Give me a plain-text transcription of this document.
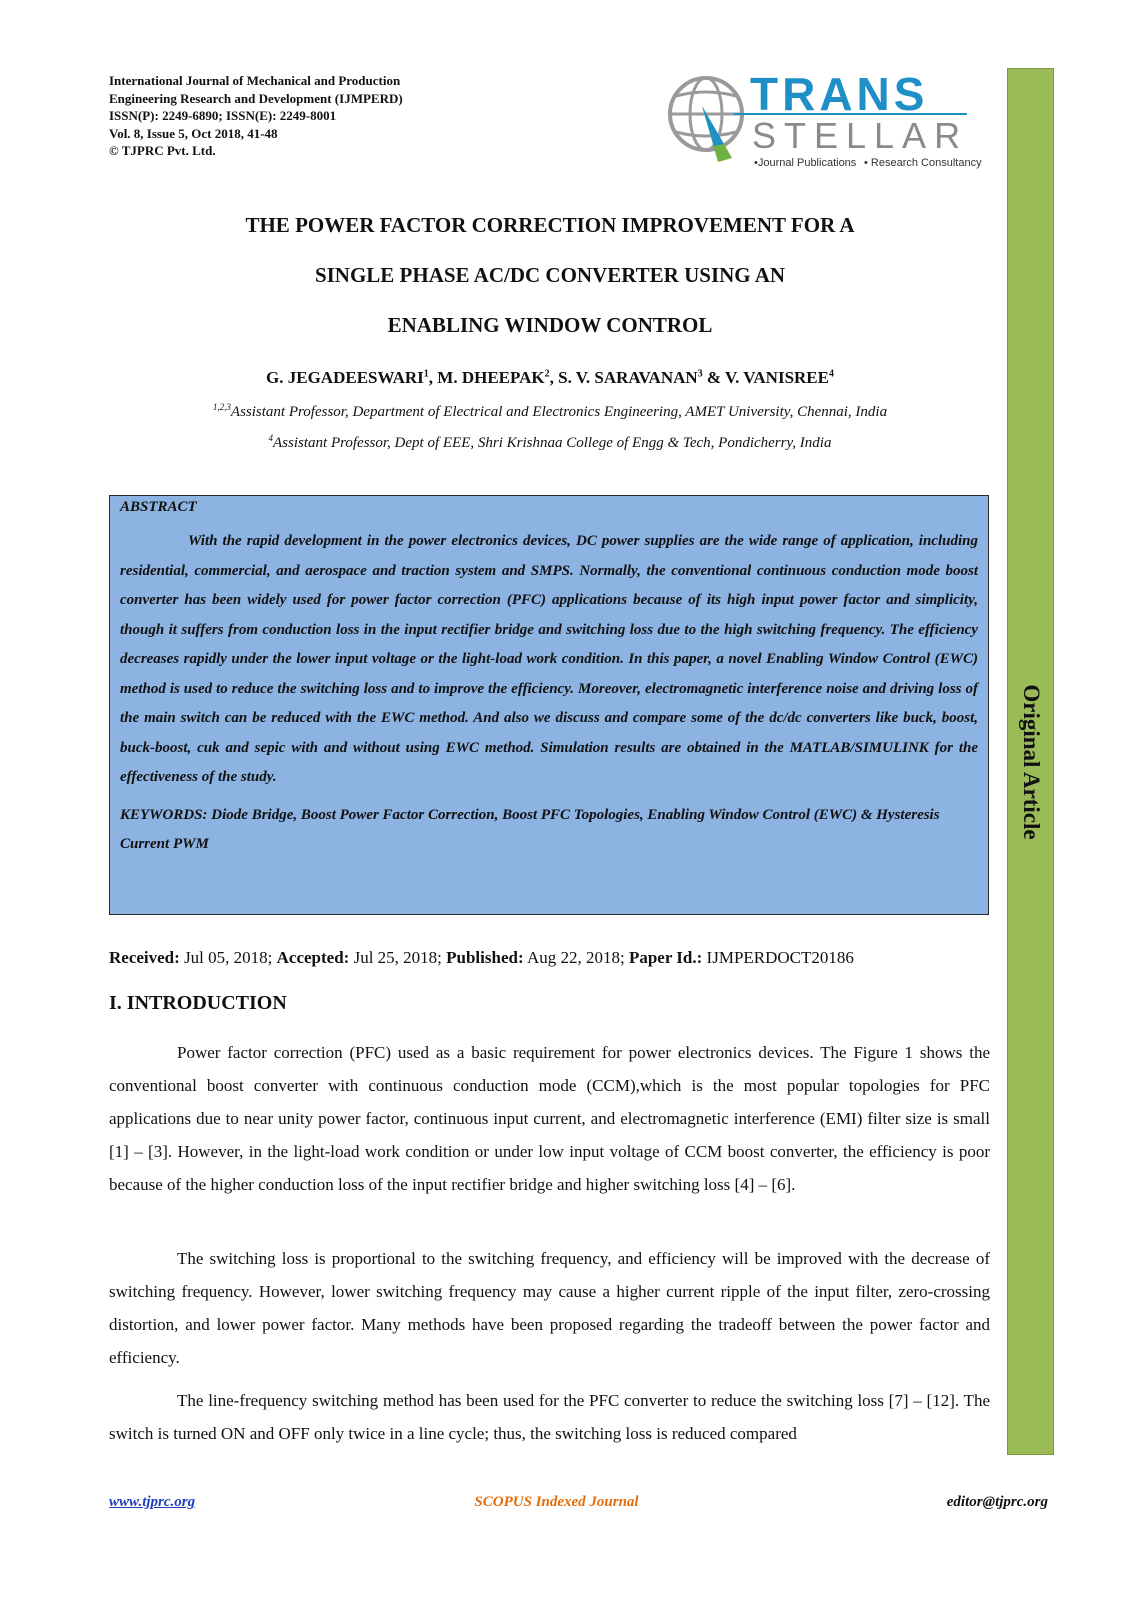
International Journal of Mechanical and Production
Engineering Research and Development (IJMPERD)
ISSN(P): 2249-6890; ISSN(E): 2249-8001
Vol. 8, Issue 5, Oct 2018, 41-48
© TJPRC Pvt. Ltd.
TRANS
STELLAR
•Journal Publications • Research Consultancy
Original Article
THE POWER FACTOR CORRECTION IMPROVEMENT FOR A
SINGLE PHASE AC/DC CONVERTER USING AN
ENABLING WINDOW CONTROL
G. JEGADEESWARI$^1$, M. DHEEPAK$^2$, S. V. SARAVANAN$^3$ & V. VANISREE$^4$
$^{1,2,3}$Assistant Professor, Department of Electrical and Electronics Engineering, AMET University, Chennai, India
$^4$Assistant Professor, Dept of EEE, Shri Krishnaa College of Engg & Tech, Pondicherry, India
ABSTRACT
With the rapid development in the power electronics devices, DC power supplies are the wide range of application, including residential, commercial, and aerospace and traction system and SMPS. Normally, the conventional continuous conduction mode boost converter has been widely used for power factor correction (PFC) applications because of its high input power factor and simplicity, though it suffers from conduction loss in the input rectifier bridge and switching loss due to the high switching frequency. The efficiency decreases rapidly under the lower input voltage or the light-load work condition. In this paper, a novel Enabling Window Control (EWC) method is used to reduce the switching loss and to improve the efficiency. Moreover, electromagnetic interference noise and driving loss of the main switch can be reduced with the EWC method. And also we discuss and compare some of the dc/dc converters like buck, boost, buck-boost, cuk and sepic with and without using EWC method. Simulation results are obtained in the MATLAB/SIMULINK for the effectiveness of the study.
KEYWORDS: Diode Bridge, Boost Power Factor Correction, Boost PFC Topologies, Enabling Window Control (EWC) & Hysteresis Current PWM
Received: Jul 05, 2018; Accepted: Jul 25, 2018; Published: Aug 22, 2018; Paper Id.: IJMPERDOCT20186
I. INTRODUCTION
Power factor correction (PFC) used as a basic requirement for power electronics devices. The Figure 1 shows the conventional boost converter with continuous conduction mode (CCM),which is the most popular topologies for PFC applications due to near unity power factor, continuous input current, and electromagnetic interference (EMI) filter size is small [1] – [3]. However, in the light-load work condition or under low input voltage of CCM boost converter, the efficiency is poor because of the higher conduction loss of the input rectifier bridge and higher switching loss [4] – [6].
The switching loss is proportional to the switching frequency, and efficiency will be improved with the decrease of switching frequency. However, lower switching frequency may cause a higher current ripple of the input filter, zero-crossing distortion, and lower power factor. Many methods have been proposed regarding the tradeoff between the power factor and efficiency.
The line-frequency switching method has been used for the PFC converter to reduce the switching loss [7] – [12]. The switch is turned ON and OFF only twice in a line cycle; thus, the switching loss is reduced compared
www.tjprc.org	SCOPUS Indexed Journal	editor@tjprc.org
